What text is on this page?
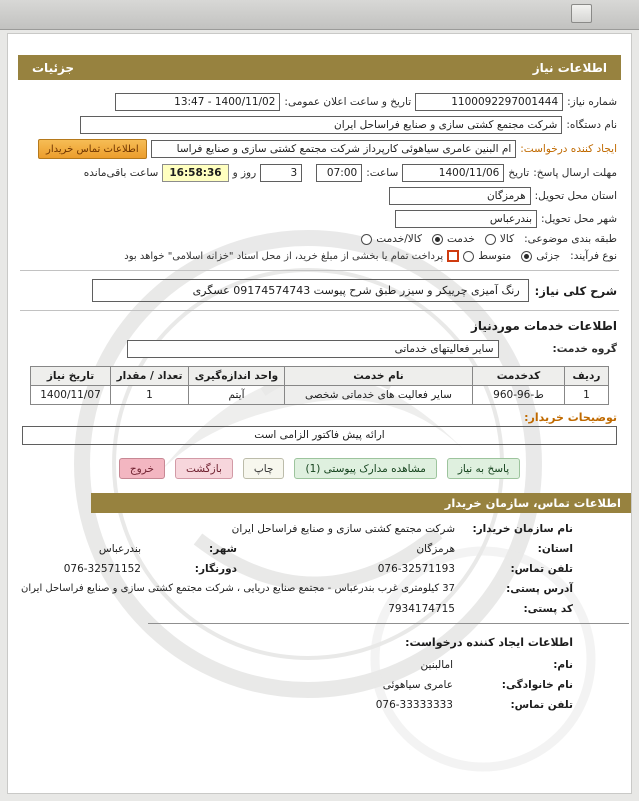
اطلاعات نیاز
جزئیات
شماره نیاز:
1100092297001444
تاریخ و ساعت اعلان عمومی:
1400/11/02 - 13:47
نام دستگاه:
شرکت مجتمع کشتی سازی و صنایع فراساحل ایران
ایجاد کننده درخواست:
ام البنین عامری سیاهوئی کارپرداز شرکت مجتمع کشتی سازی و صنایع فراسا
اطلاعات تماس خریدار
مهلت ارسال پاسخ:
تاریخ
1400/11/06
ساعت:
07:00
3
روز و
16:58:36
ساعت باقی‌مانده
استان محل تحویل:
هرمزگان
شهر محل تحویل:
بندرعباس
طبقه بندی موضوعی:
کالا
خدمت
کالا/خدمت
نوع فرآیند:
جزئی
متوسط
پرداخت تمام یا بخشی از مبلغ خرید، از محل اسناد "خزانه اسلامی" خواهد بود
شرح کلی نیاز:
رنگ آمیزی چرییکر و سیزر طبق شرح پیوست 09174574743 عسگری
اطلاعات خدمات موردنیاز
گروه خدمت:
سایر فعالیتهای خدماتی
ردیف	کدخدمت	نام خدمت	واحد اندازه‌گیری	تعداد / مقدار	تاریخ نیاز
1	ط-96-960	سایر فعالیت های خدماتی شخصی	آیتم	1	1400/11/07
توضیحات خریدار:
ارائه پیش فاکتور الزامی است
پاسخ به نیاز
مشاهده مدارک پیوستی (1)
چاپ
بازگشت
خروج
اطلاعات تماس، سازمان خریدار
نام سازمان خریدار:
شرکت مجتمع کشتی سازی و صنایع فراساحل ایران
استان:
هرمزگان
شهر:
بندرعباس
تلفن تماس:
076-32571193
دورنگار:
076-32571152
آدرس پستی:
37 کیلومتری غرب بندرعباس - مجتمع صنایع دریایی ، شرکت مجتمع کشتی سازی و صنایع فراساحل ایران
کد پستی:
7934174715
اطلاعات ایجاد کننده درخواست:
نام:
امالبنین
نام خانوادگی:
عامری سیاهوئی
تلفن تماس:
076-33333333
